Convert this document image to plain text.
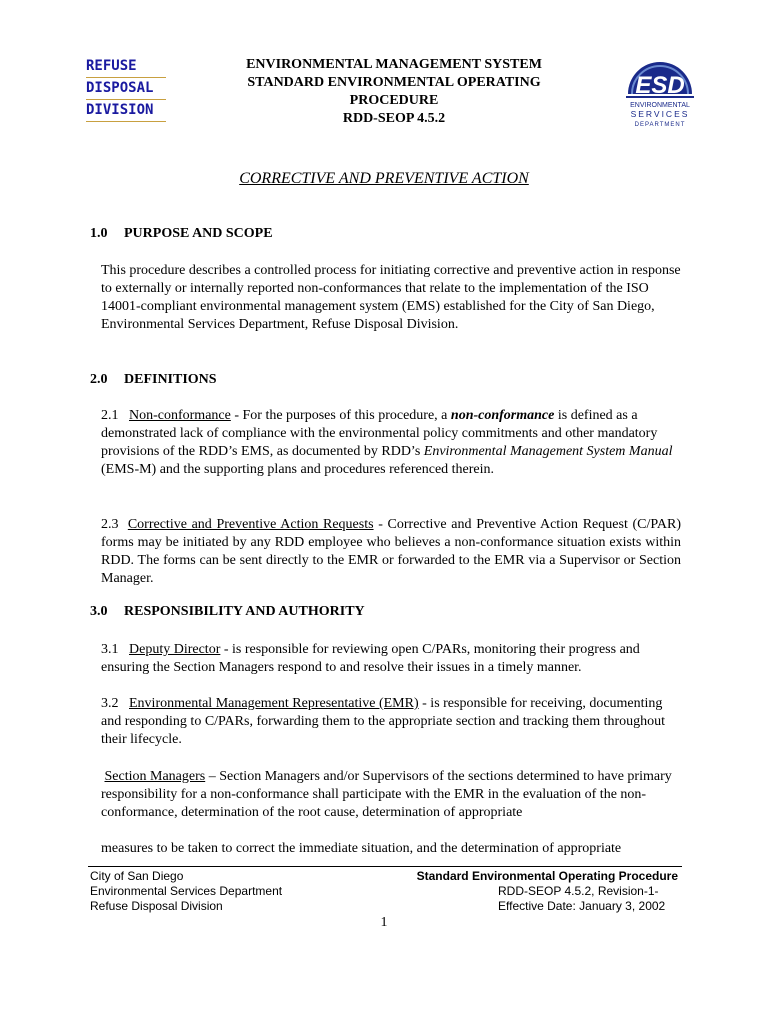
REFUSE
DISPOSAL
DIVISION
ENVIRONMENTAL MANAGEMENT SYSTEM
STANDARD ENVIRONMENTAL OPERATING
PROCEDURE
RDD-SEOP 4.5.2
ESD
ENVIRONMENTAL
SERVICES
DEPARTMENT
CORRECTIVE AND PREVENTIVE ACTION
1.0 PURPOSE AND SCOPE
This procedure describes a controlled process for initiating corrective and preventive action in response to externally or internally reported non-conformances that relate to the implementation of the ISO 14001-compliant environmental management system (EMS) established for the City of San Diego, Environmental Services Department, Refuse Disposal Division.
2.0 DEFINITIONS
2.1 Non-conformance - For the purposes of this procedure, a non-conformance is defined as a demonstrated lack of compliance with the environmental policy commitments and other mandatory provisions of the RDD’s EMS, as documented by RDD’s Environmental Management System Manual (EMS-M) and the supporting plans and procedures referenced therein.
2.3 Corrective and Preventive Action Requests - Corrective and Preventive Action Request (C/PAR) forms may be initiated by any RDD employee who believes a non-conformance situation exists within RDD. The forms can be sent directly to the EMR or forwarded to the EMR via a Supervisor or Section Manager.
3.0 RESPONSIBILITY AND AUTHORITY
3.1 Deputy Director - is responsible for reviewing open C/PARs, monitoring their progress and ensuring the Section Managers respond to and resolve their issues in a timely manner.
3.2 Environmental Management Representative (EMR) - is responsible for receiving, documenting and responding to C/PARs, forwarding them to the appropriate section and tracking them throughout their lifecycle.
Section Managers – Section Managers and/or Supervisors of the sections determined to have primary responsibility for a non-conformance shall participate with the EMR in the evaluation of the non-conformance, determination of the root cause, determination of appropriate
measures to be taken to correct the immediate situation, and the determination of appropriate
City of San Diego
Environmental Services Department
Refuse Disposal Division
Standard Environmental Operating Procedure
RDD-SEOP 4.5.2, Revision-1-
Effective Date: January 3, 2002
1
